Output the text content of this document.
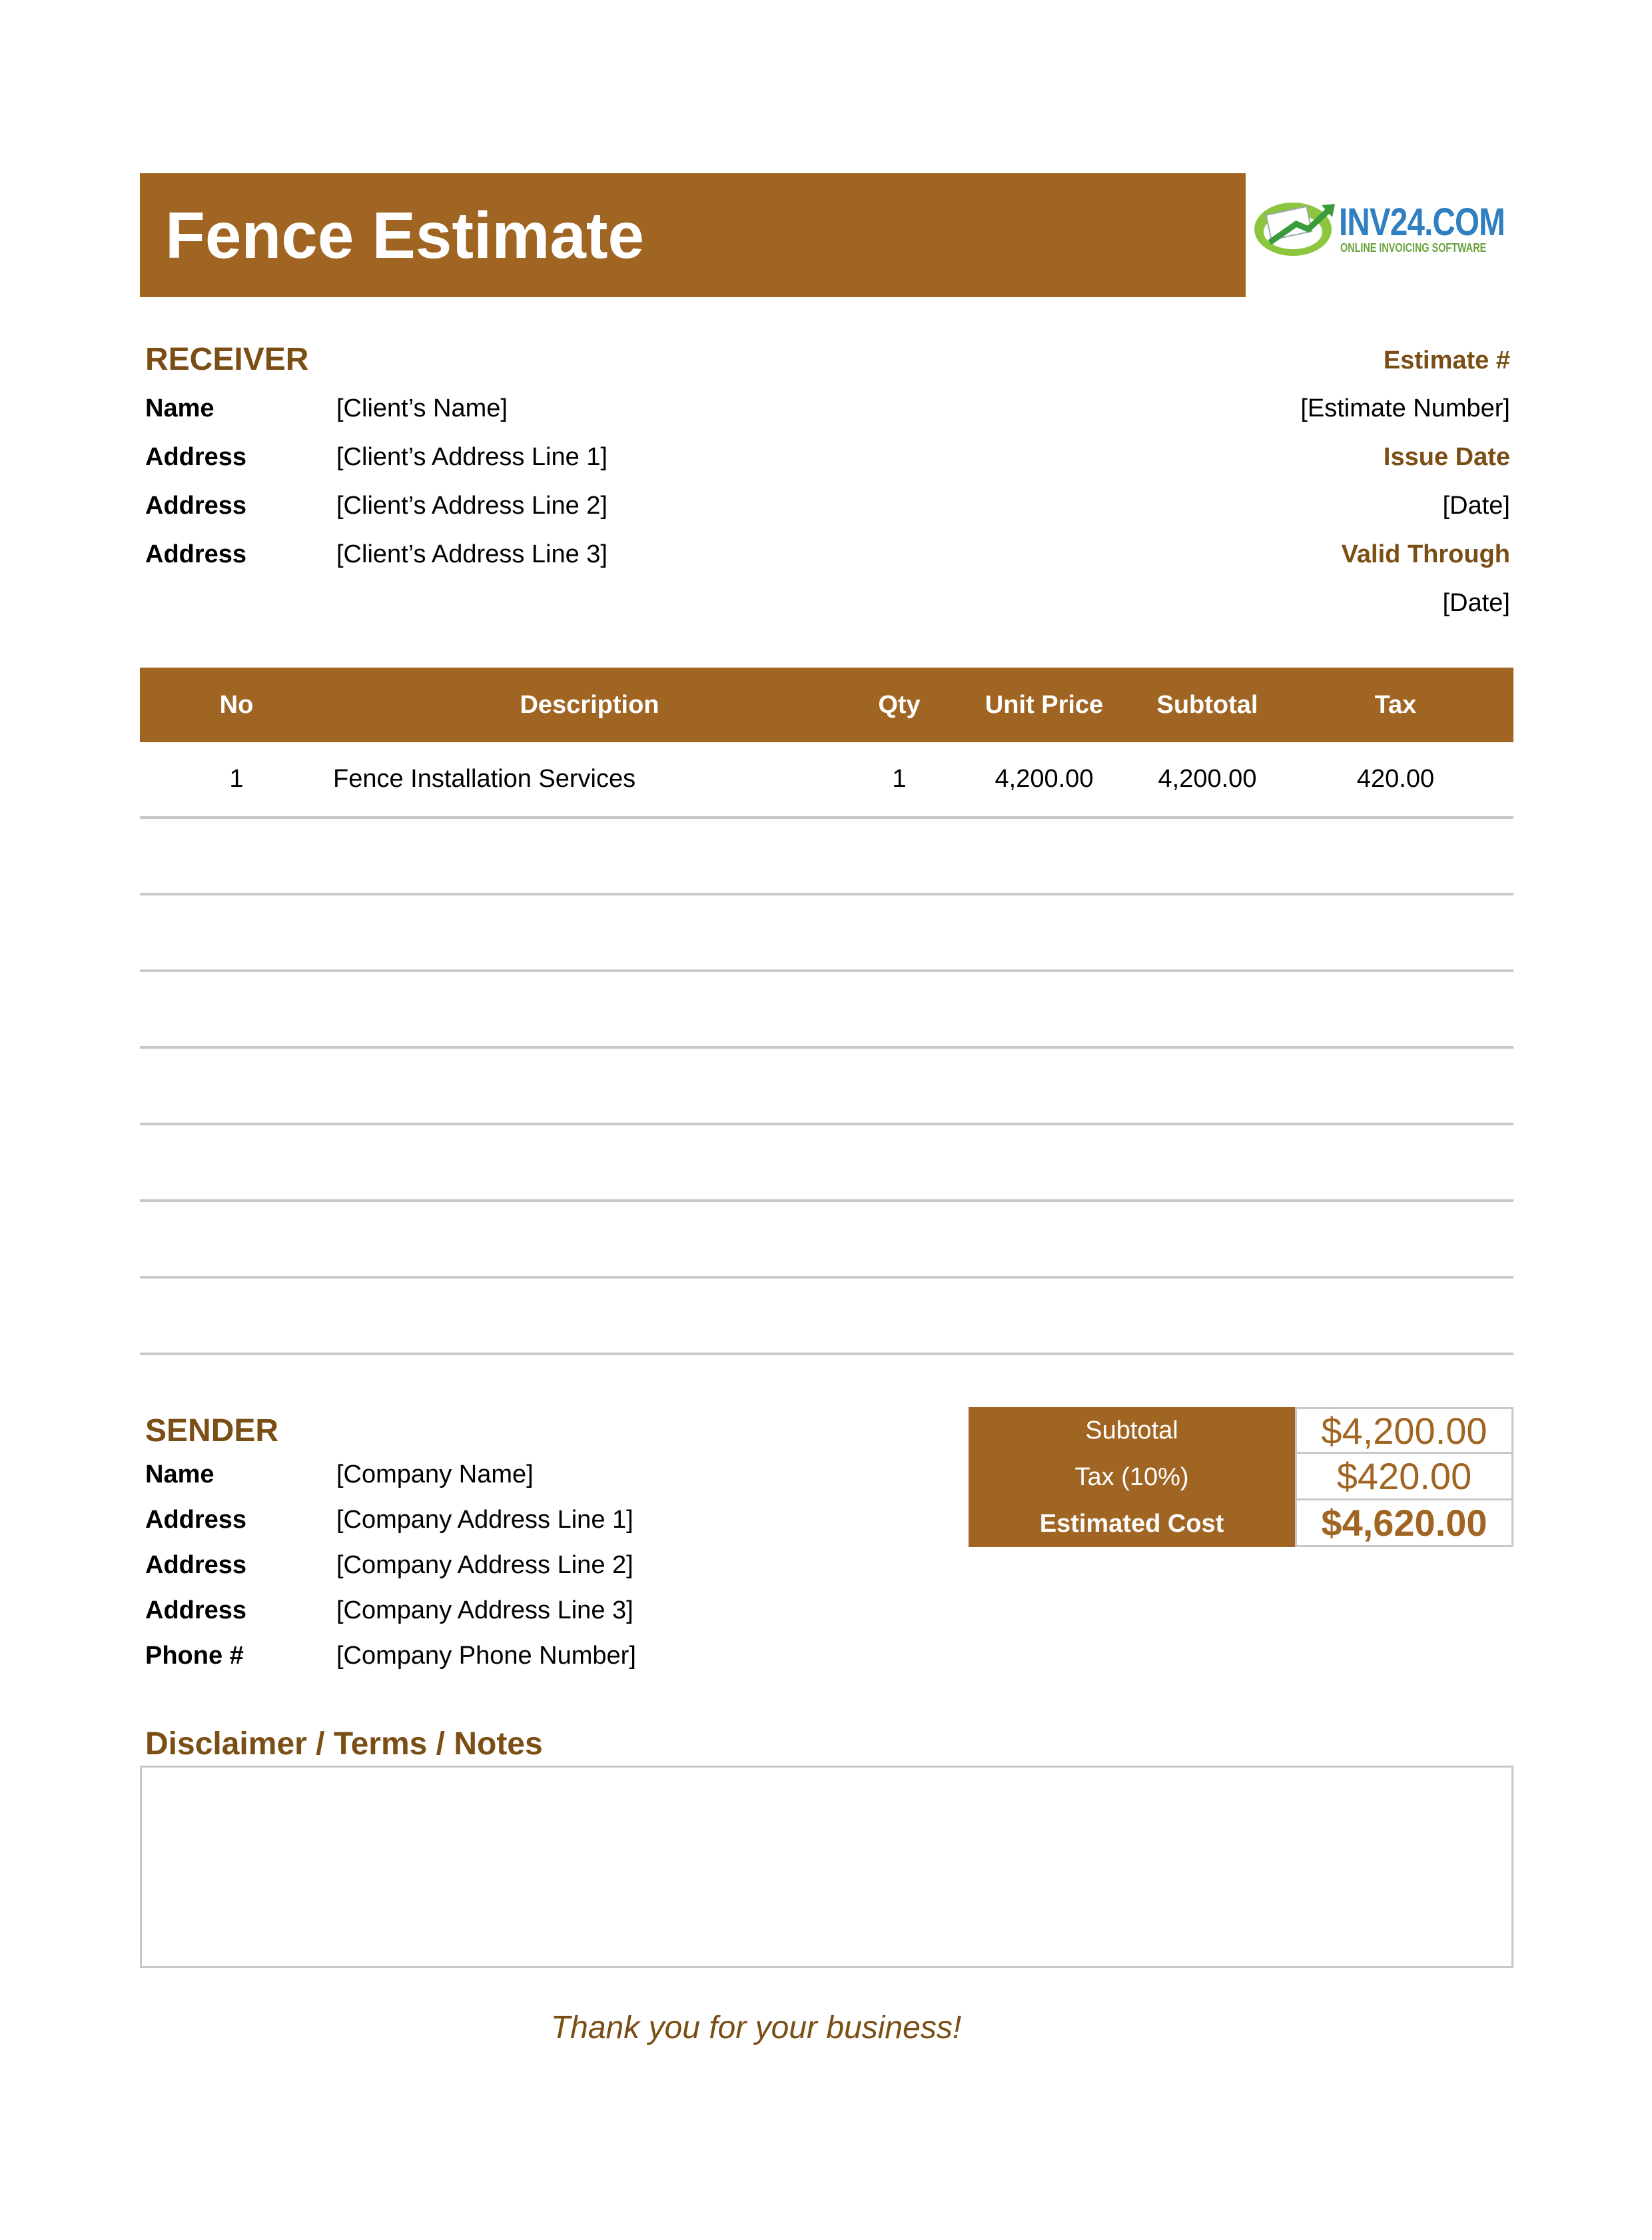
Fence Estimate	INV24.COM
ONLINE INVOICING SOFTWARE
RECEIVER
Name	[Client’s Name]
Address	[Client’s Address Line 1]
Address	[Client’s Address Line 2]
Address	[Client’s Address Line 3]
Estimate #
[Estimate Number]
Issue Date
[Date]
Valid Through
[Date]
No	Description	Qty	Unit Price	Subtotal	Tax
1	Fence Installation Services	1	4,200.00	4,200.00	420.00
SENDER
Name	[Company Name]
Address	[Company Address Line 1]
Address	[Company Address Line 2]
Address	[Company Address Line 3]
Phone #	[Company Phone Number]
Subtotal	$4,200.00
Tax (10%)	$420.00
Estimated Cost	$4,620.00
Disclaimer / Terms / Notes
Thank you for your business!
